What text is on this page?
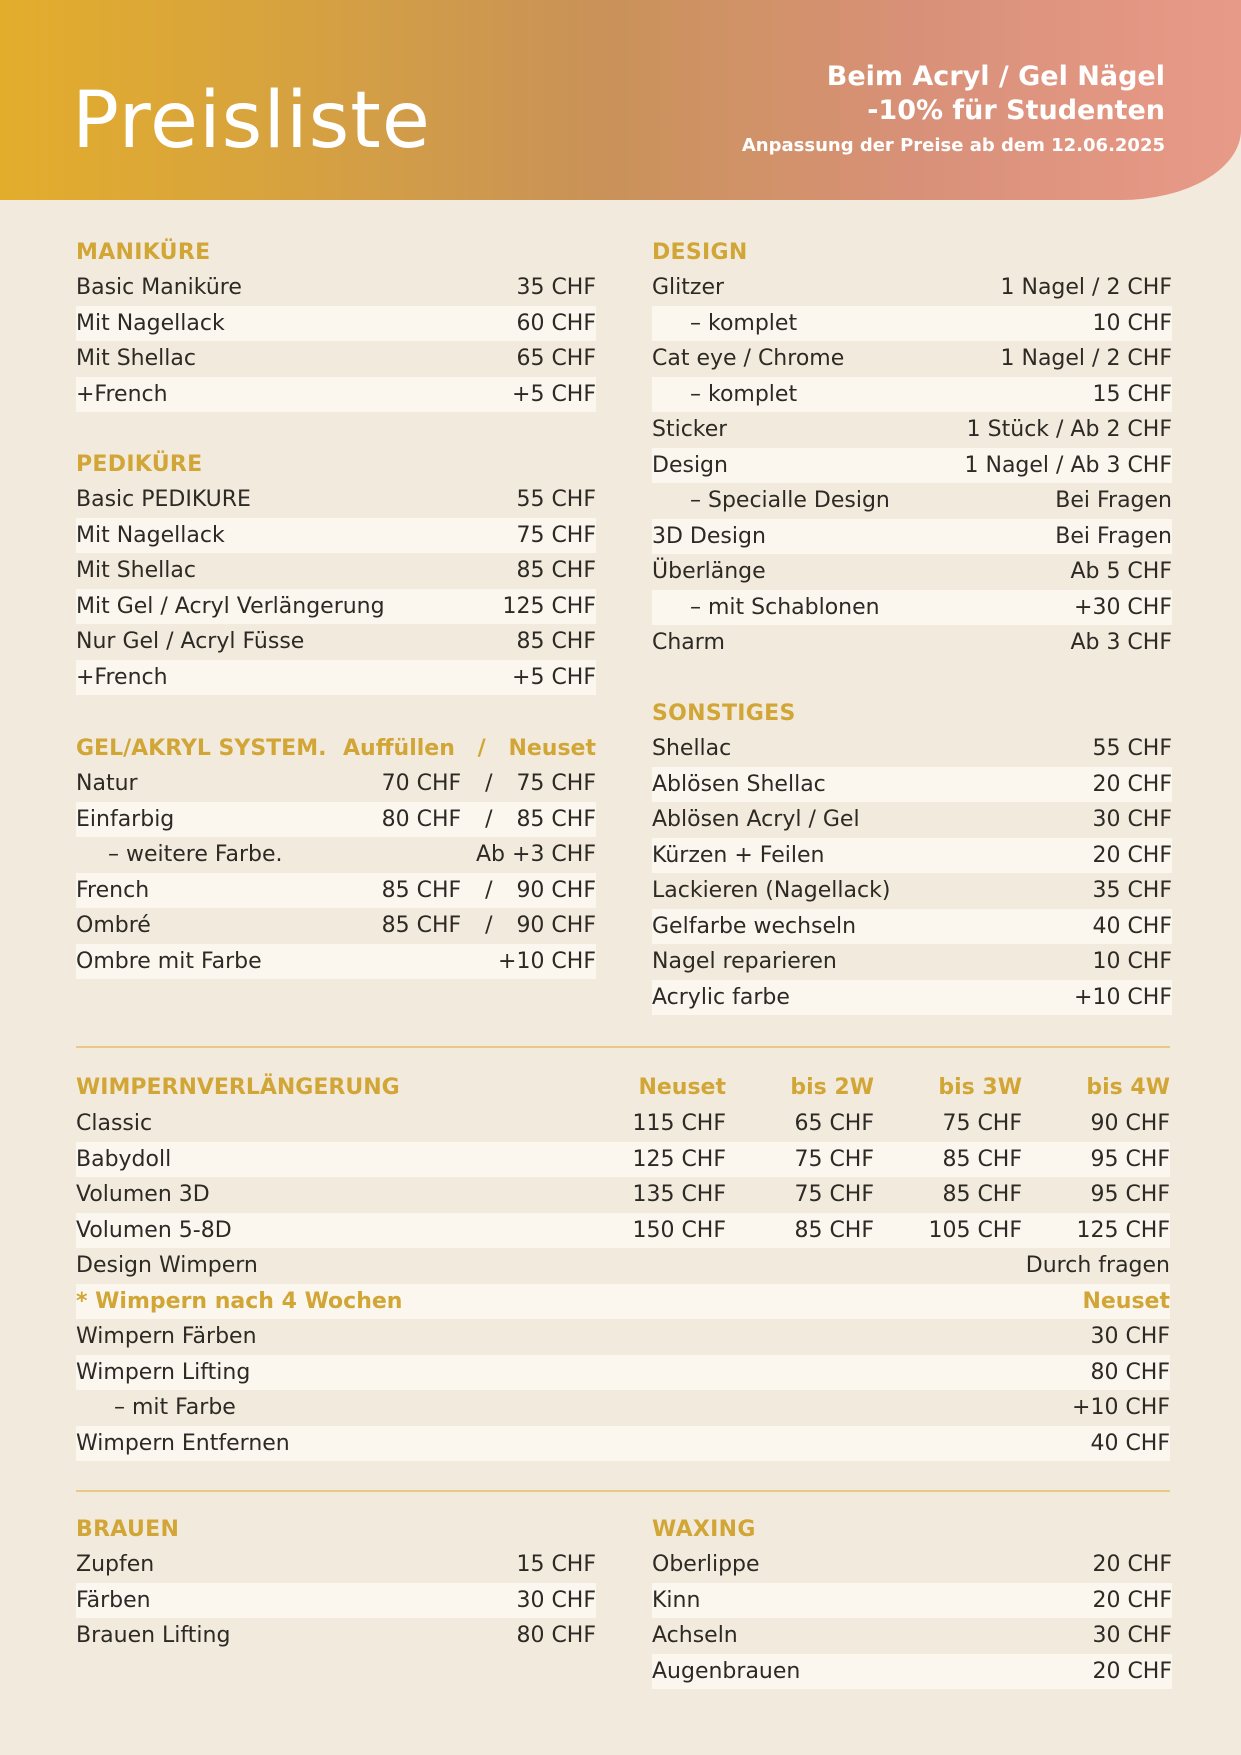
Preisliste	Beim Acryl / Gel Nägel
-10% für Studenten
Anpassung der Preise ab dem 12.06.2025
MANIKÜRE
Basic Maniküre	35 CHF
Mit Nagellack	60 CHF
Mit Shellac	65 CHF
+French	+5 CHF
PEDIKÜRE
Basic PEDIKURE	55 CHF
Mit Nagellack	75 CHF
Mit Shellac	85 CHF
Mit Gel / Acryl Verlängerung	125 CHF
Nur Gel / Acryl Füsse	85 CHF
+French	+5 CHF
GEL/AKRYL SYSTEM. Auffüllen	/	Neuset
Natur	70 CHF	/	75 CHF
Einfarbig	80 CHF	/	85 CHF
– weitere Farbe.	Ab +3 CHF
French	85 CHF	/	90 CHF
Ombré	85 CHF	/	90 CHF
Ombre mit Farbe	+10 CHF
DESIGN
Glitzer	1 Nagel / 2 CHF
– komplet	10 CHF
Cat eye / Chrome	1 Nagel / 2 CHF
– komplet	15 CHF
Sticker	1 Stück / Ab 2 CHF
Design	1 Nagel / Ab 3 CHF
– Specialle Design	Bei Fragen
3D Design	Bei Fragen
Überlänge	Ab 5 CHF
– mit Schablonen	+30 CHF
Charm	Ab 3 CHF
SONSTIGES
Shellac	55 CHF
Ablösen Shellac	20 CHF
Ablösen Acryl / Gel	30 CHF
Kürzen + Feilen	20 CHF
Lackieren (Nagellack)	35 CHF
Gelfarbe wechseln	40 CHF
Nagel reparieren	10 CHF
Acrylic farbe	+10 CHF
WIMPERNVERLÄNGERUNG	Neuset	bis 2W	bis 3W	bis 4W
Classic	115 CHF	65 CHF	75 CHF	90 CHF
Babydoll	125 CHF	75 CHF	85 CHF	95 CHF
Volumen 3D	135 CHF	75 CHF	85 CHF	95 CHF
Volumen 5-8D	150 CHF	85 CHF	105 CHF	125 CHF
Design Wimpern	Durch fragen
* Wimpern nach 4 Wochen	Neuset
Wimpern Färben	30 CHF
Wimpern Lifting	80 CHF
– mit Farbe	+10 CHF
Wimpern Entfernen	40 CHF
BRAUEN
Zupfen	15 CHF
Färben	30 CHF
Brauen Lifting	80 CHF
WAXING
Oberlippe	20 CHF
Kinn	20 CHF
Achseln	30 CHF
Augenbrauen	20 CHF
